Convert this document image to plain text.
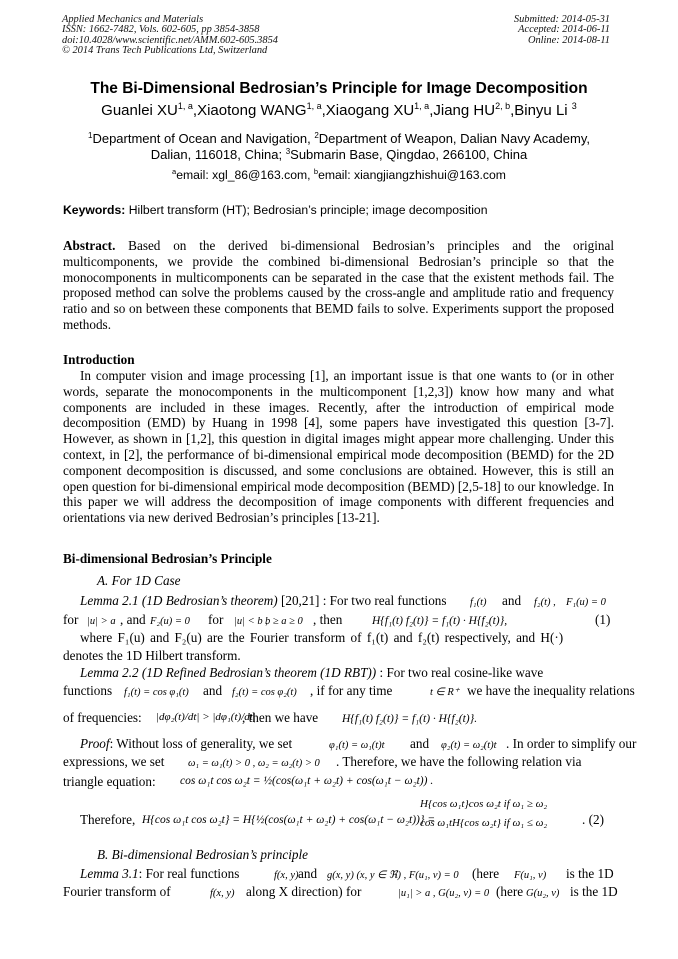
Applied Mechanics and Materials
ISSN: 1662-7482, Vols. 602-605, pp 3854-3858
doi:10.4028/www.scientific.net/AMM.602-605.3854
© 2014 Trans Tech Publications Ltd, Switzerland
Submitted: 2014-05-31
Accepted: 2014-06-11
Online: 2014-08-11
The Bi-Dimensional Bedrosian’s Principle for Image Decomposition
Guanlei XU$^{1, a}$,Xiaotong WANG$^{1, a}$,Xiaogang XU$^{1, a}$,Jiang HU$^{2, b}$,Binyu Li $^3$
$^1$Department of Ocean and Navigation, $^2$Department of Weapon, Dalian Navy Academy, Dalian, 116018, China; $^3$Submarin Base, Qingdao, 266100, China
$^a$email: xgl_86@163.com, $^b$email: xiangjiangzhishui@163.com
Keywords: Hilbert transform (HT); Bedrosian’s principle; image decomposition
Abstract. Based on the derived bi-dimensional Bedrosian’s principles and the original multicomponents, we provide the combined bi-dimensional Bedrosian’s principle so that the monocomponents in multicomponents can be separated in the case that the existent methods fail. The proposed method can solve the problems caused by the cross-angle and amplitude ratio and frequency ratio and so on between these components that BEMD fails to solve. Experiments support the proposed methods.
Introduction
In computer vision and image processing [1], an important issue is that one wants to (or in other words, separate the monocomponents in the multicomponent [1,2,3]) know how many and what components are included in these images. Recently, after the introduction of empirical mode decomposition (EMD) by Huang in 1998 [4], some papers have investigated this question [3-7]. However, as shown in [1,2], this question in digital images might appear more challenging. Under this context, in [2], the performance of bi-dimensional empirical mode decomposition (BEMD) for the 2D component decomposition is discussed, and some conclusions are obtained. However, this is still an open question for bi-dimensional empirical mode decomposition (BEMD) [2,5-18] to our knowledge. In this paper we will address the decomposition of image components with different frequencies and orientations via new derived Bedrosian’s principles [13-21].
Bi-dimensional Bedrosian’s Principle
A. For 1D Case
Lemma 2.1 (1D Bedrosian’s theorem) [20,21] : For two real functions f₁(t) and f₂(t) , F₁(u) = 0
for |u| > a , and F₂(u) = 0 for |u| < b ,
b ≥ a ≥ 0 , then	H{f₁(t) f₂(t)} = f₁(t) · H{f₂(t)},	(1)
where F₁(u) and F₂(u) are the Fourier transform of f₁(t) and f₂(t) respectively, and H(·)
denotes the 1D Hilbert transform.
Lemma 2.2 (1D Refined Bedrosian’s theorem (1D RBT)) : For two real cosine-like wave
functions f₁(t) = cos φ₁(t) and f₂(t) = cos φ₂(t) , if for any time	t ∈ R⁺ we have the inequality relations
of frequencies: |dφ₂(t)/dt| > |dφ₁(t)/dt|
, then we have H{f₁(t) f₂(t)} = f₁(t) · H{f₂(t)}.
Proof: Without loss of generality, we set	φ₁(t) = ω₁(t)t and φ₂(t) = ω₂(t)t . In order to simplify our
expressions, we set ω₁ = ω₁(t) > 0 , ω₂ = ω₂(t) > 0 . Therefore, we have the following relation via
triangle equation: cos ω₁t cos ω₂t = ½(cos(ω₁t + ω₂t) + cos(ω₁t − ω₂t)) .
Therefore, H{cos ω₁t cos ω₂t} = H{½(cos(ω₁t + ω₂t) + cos(ω₁t − ω₂t))} =
H{cos ω₁t}cos ω₂t if ω₁ ≥ ω₂
cos ω₁tH{cos ω₂t} if ω₁ ≤ ω₂	. (2)
B. Bi-dimensional Bedrosian’s principle
Lemma 3.1: For real functions	f(x, y) and g(x, y) (x, y ∈ ℜ) , F(u₁, v) = 0 (here F(u₁, v) is the 1D
Fourier transform of	f(x, y) along X direction) for	|u₁| > a , G(u₂, v) = 0 (here G(u₂, v) is the 1D
